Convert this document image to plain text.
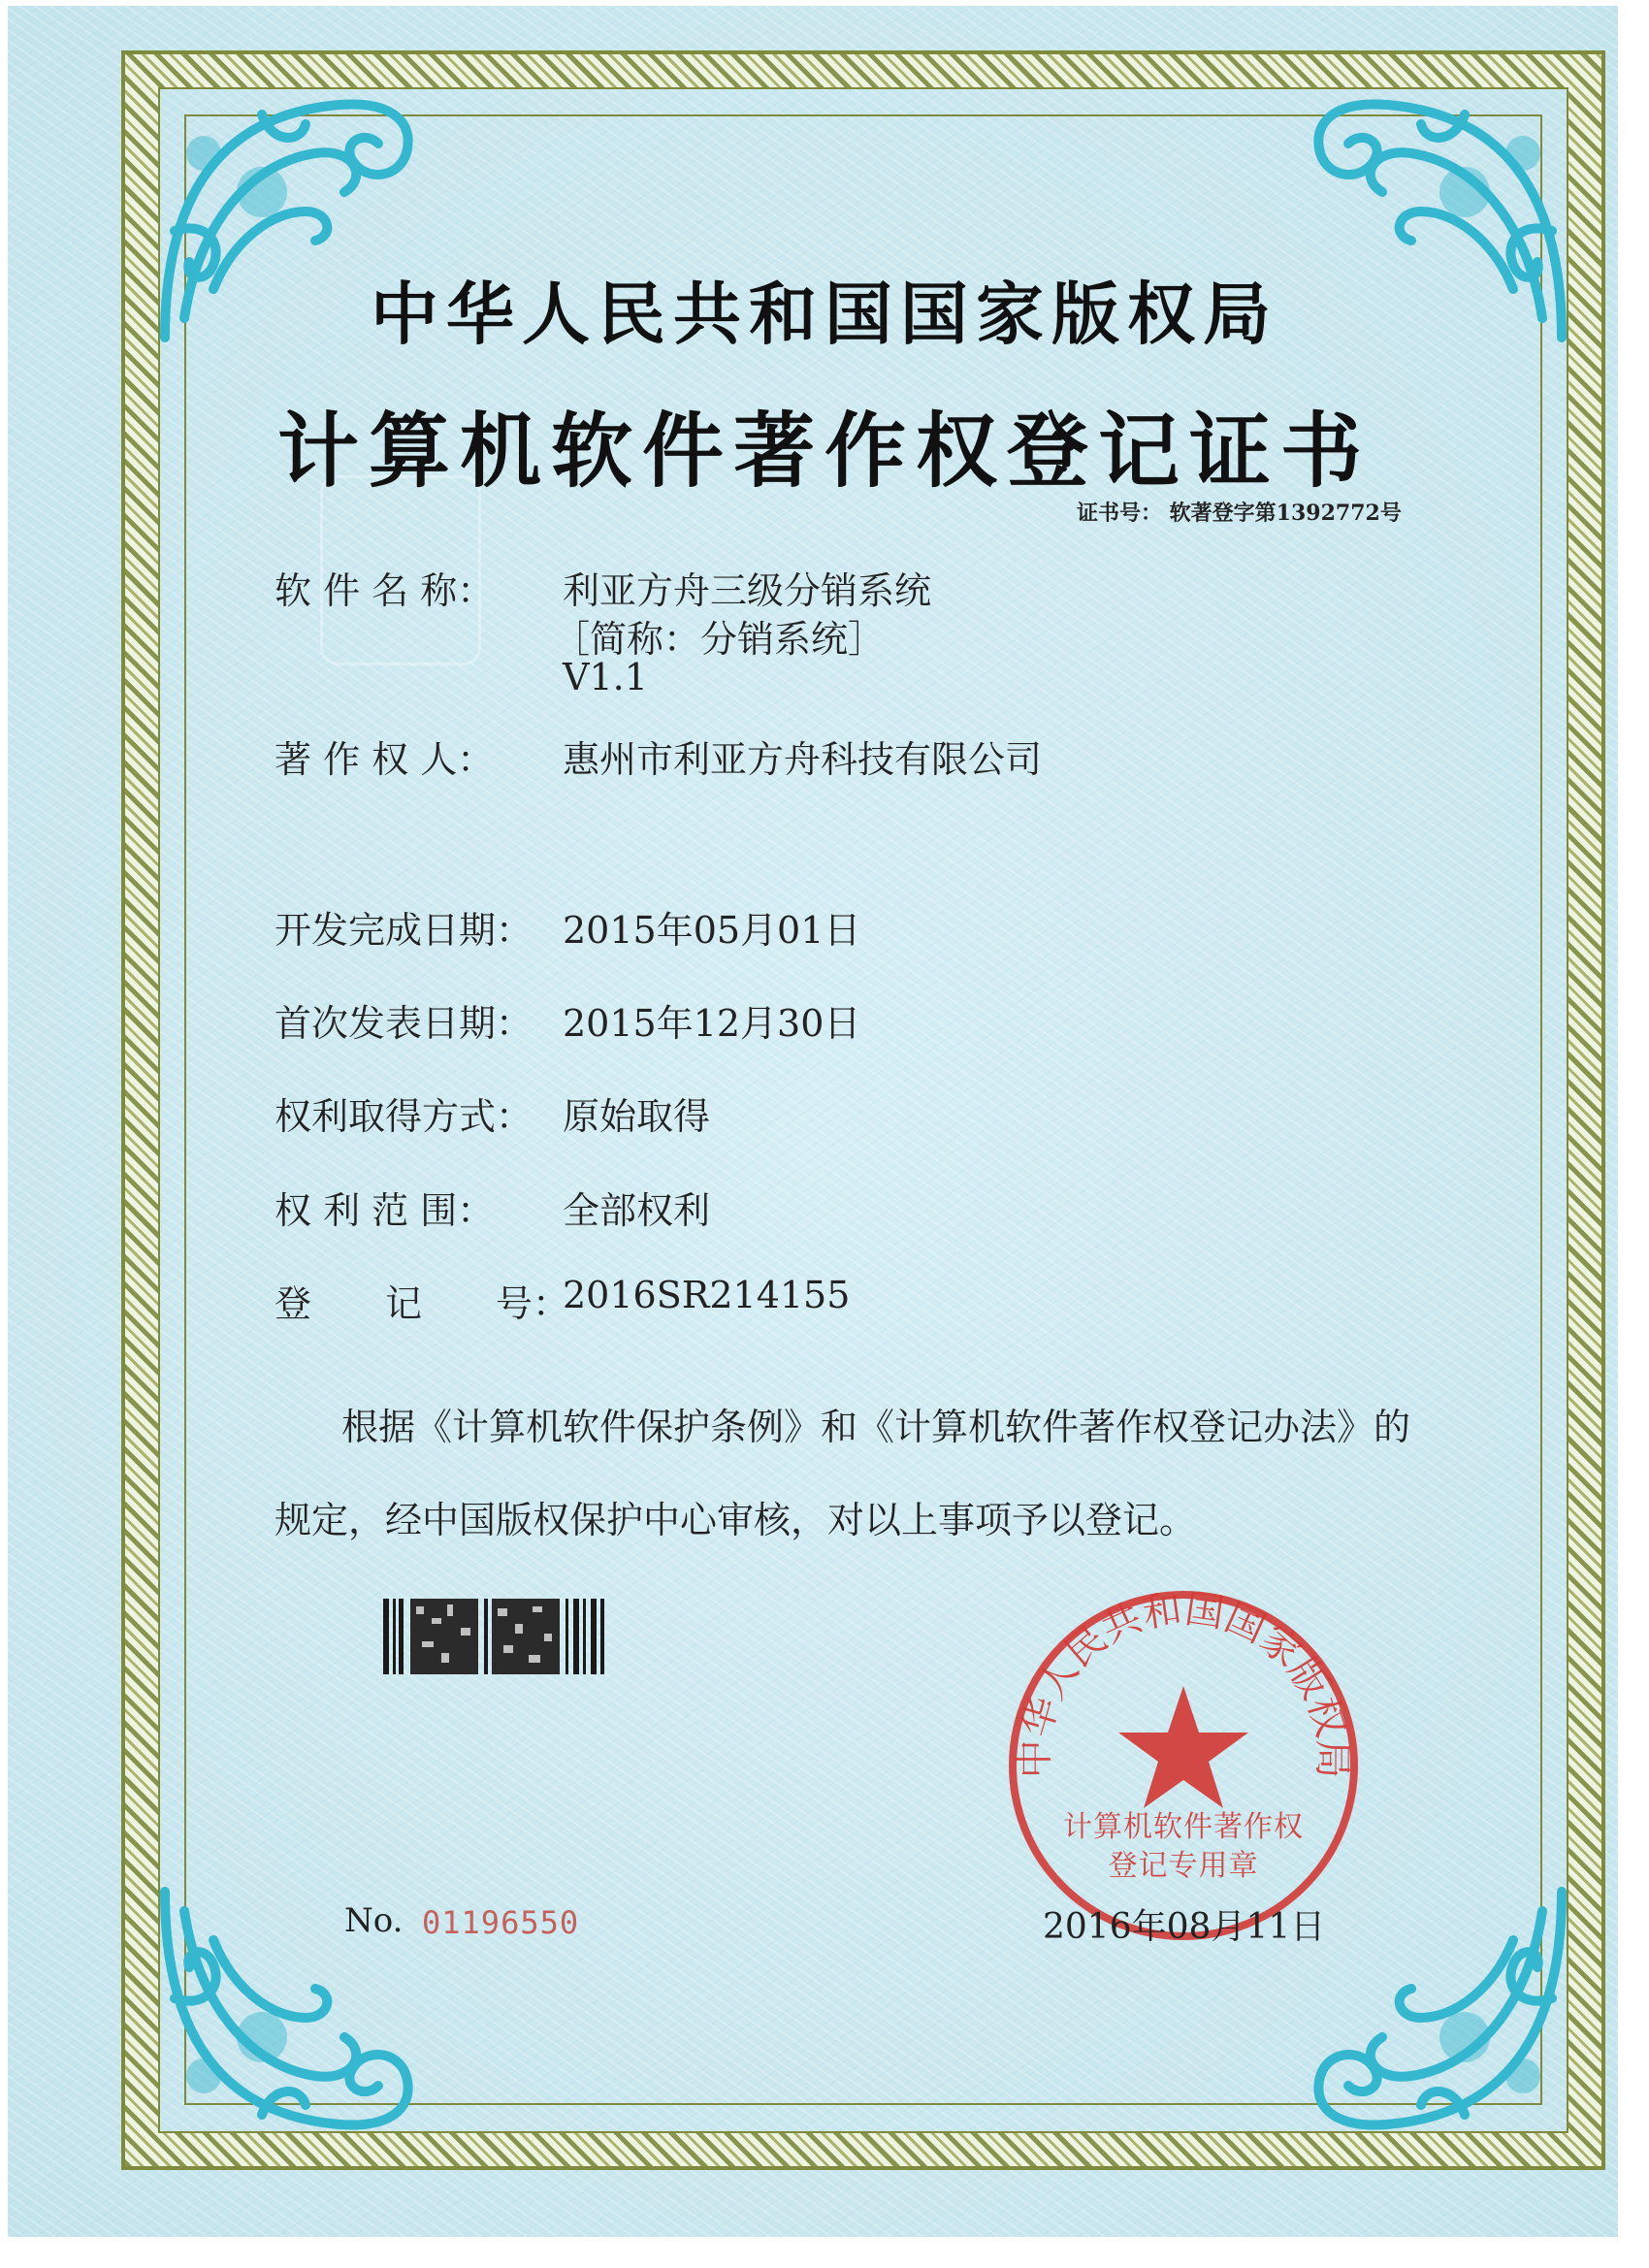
中华人民共和国国家版权局
计算机软件著作权登记证书
证书号： 软著登字第1392772号
软 件 名 称： 利亚方舟三级分销系统
［简称：分销系统］
V1.1
著 作 权 人： 惠州市利亚方舟科技有限公司
开发完成日期： 2015年05月01日
首次发表日期： 2015年12月30日
权利取得方式： 原始取得
权 利 范 围： 全部权利
登　　记　　号：
2016SR214155
根据《计算机软件保护条例》和《计算机软件著作权登记办法》的
规定，经中国版权保护中心审核，对以上事项予以登记。
中华人民共和国国家版权局
计算机软件著作权
登记专用章
No. 01196550	2016年08月11日
